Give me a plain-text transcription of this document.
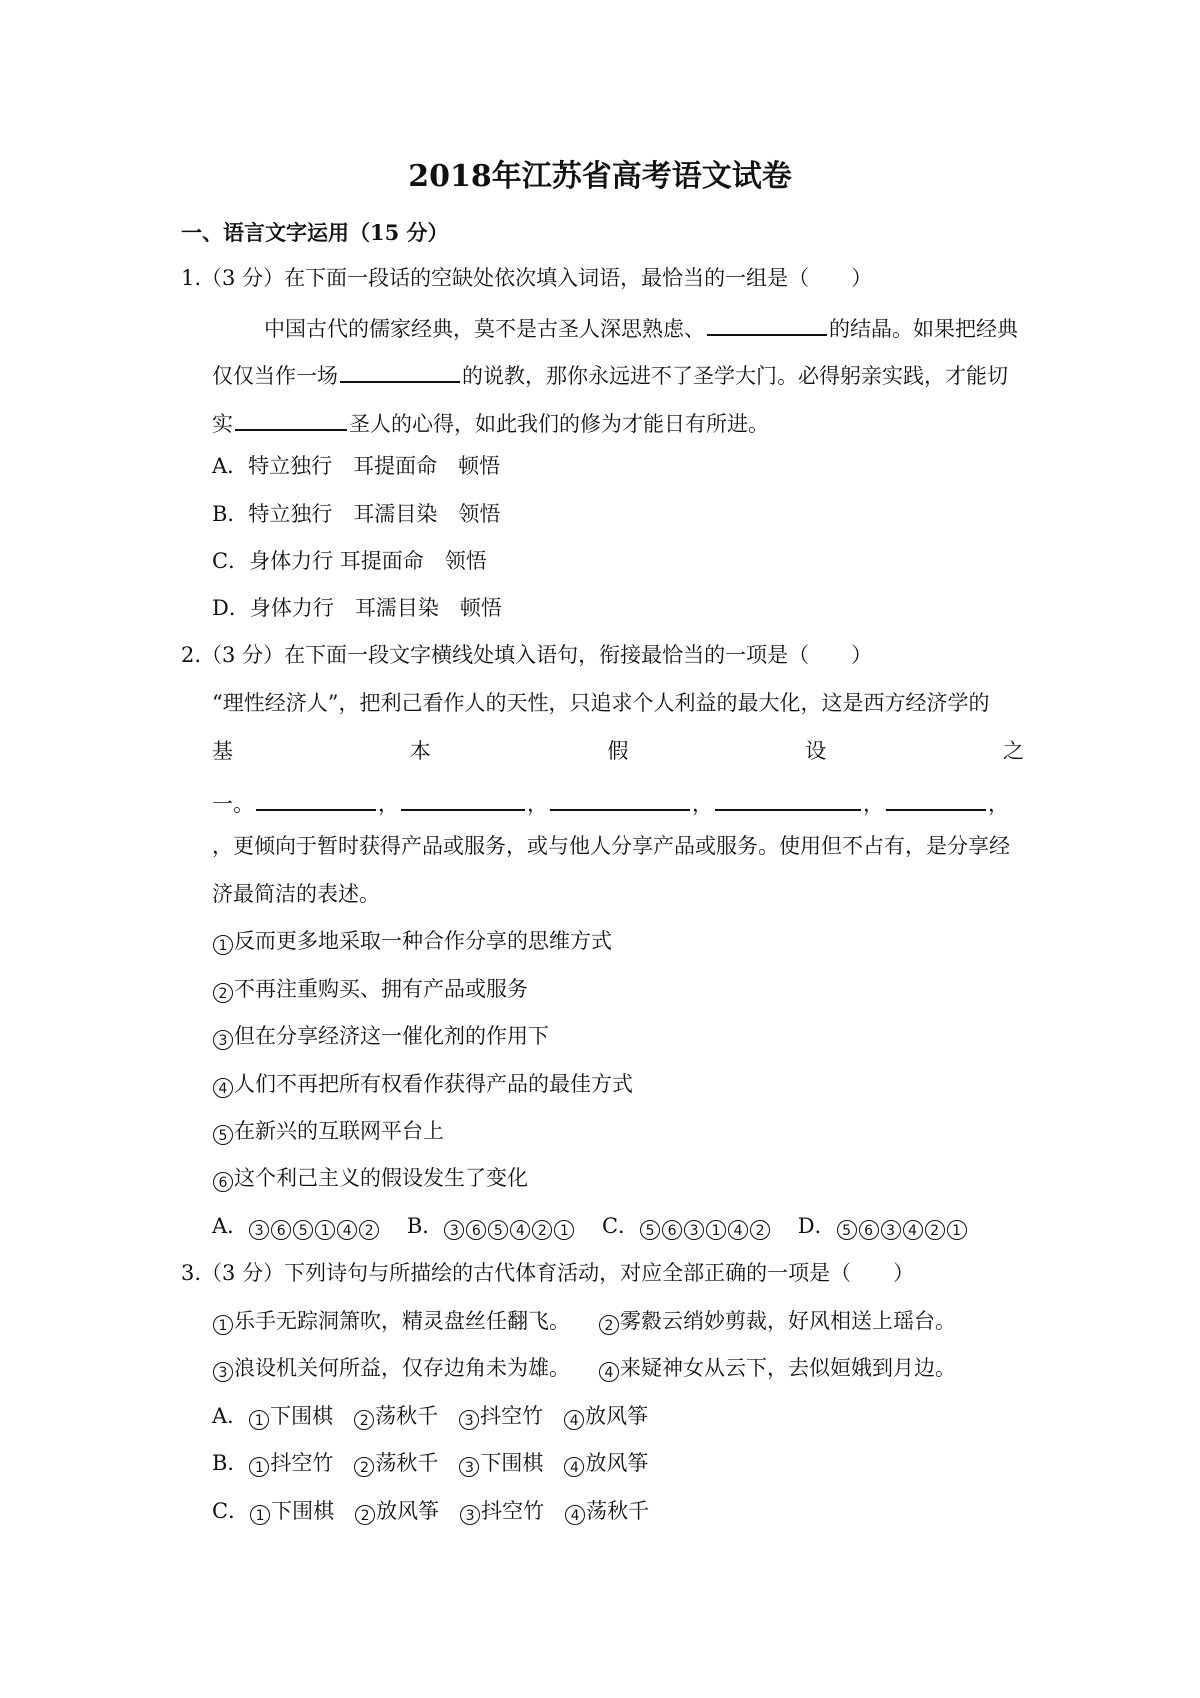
2018年江苏省高考语文试卷
一、语言文字运用（15 分）
1.（3 分）在下面一段话的空缺处依次填入词语，最恰当的一组是（　　）
中国古代的儒家经典，莫不是古圣人深思熟虑、	的结晶。如果把经典
仅仅当作一场	的说教，那你永远进不了圣学大门。必得躬亲实践，才能切
实	圣人的心得，如此我们的修为才能日有所进。
A．特立独行　耳提面命　顿悟
B．特立独行　耳濡目染　领悟
C．身体力行 耳提面命　领悟
D．身体力行　耳濡目染　顿悟
2.（3 分）在下面一段文字横线处填入语句，衔接最恰当的一项是（　　）
“理性经济人”，把利己看作人的天性，只追求个人利益的最大化，这是西方经济学的
基	本	假	设	之
一。	，	，	，	，	，
，更倾向于暂时获得产品或服务，或与他人分享产品或服务。使用但不占有，是分享经
济最简洁的表述。
1 反而更多地采取一种合作分享的思维方式
2 不再注重购买、拥有产品或服务
3 但在分享经济这一催化剂的作用下
4 人们不再把所有权看作获得产品的最佳方式
5 在新兴的互联网平台上
6 这个利己主义的假设发生了变化
A． 3 6 5 1 4 2 B． 3 6 5 4 2 1 C． 5 6 3 1 4 2 D． 5 6 3 4 2 1
3.（3 分）下列诗句与所描绘的古代体育活动，对应全部正确的一项是（　　）
1 乐手无踪洞箫吹，精灵盘丝任翻飞。 2 雾縠云绡妙剪裁，好风相送上瑶台。
3 浪设机关何所益，仅存边角未为雄。 4 来疑神女从云下，去似姮娥到月边。
A． 1 下围棋 2 荡秋千 3 抖空竹 4 放风筝
B． 1 抖空竹 2 荡秋千 3 下围棋 4 放风筝
C． 1 下围棋 2 放风筝 3 抖空竹 4 荡秋千
